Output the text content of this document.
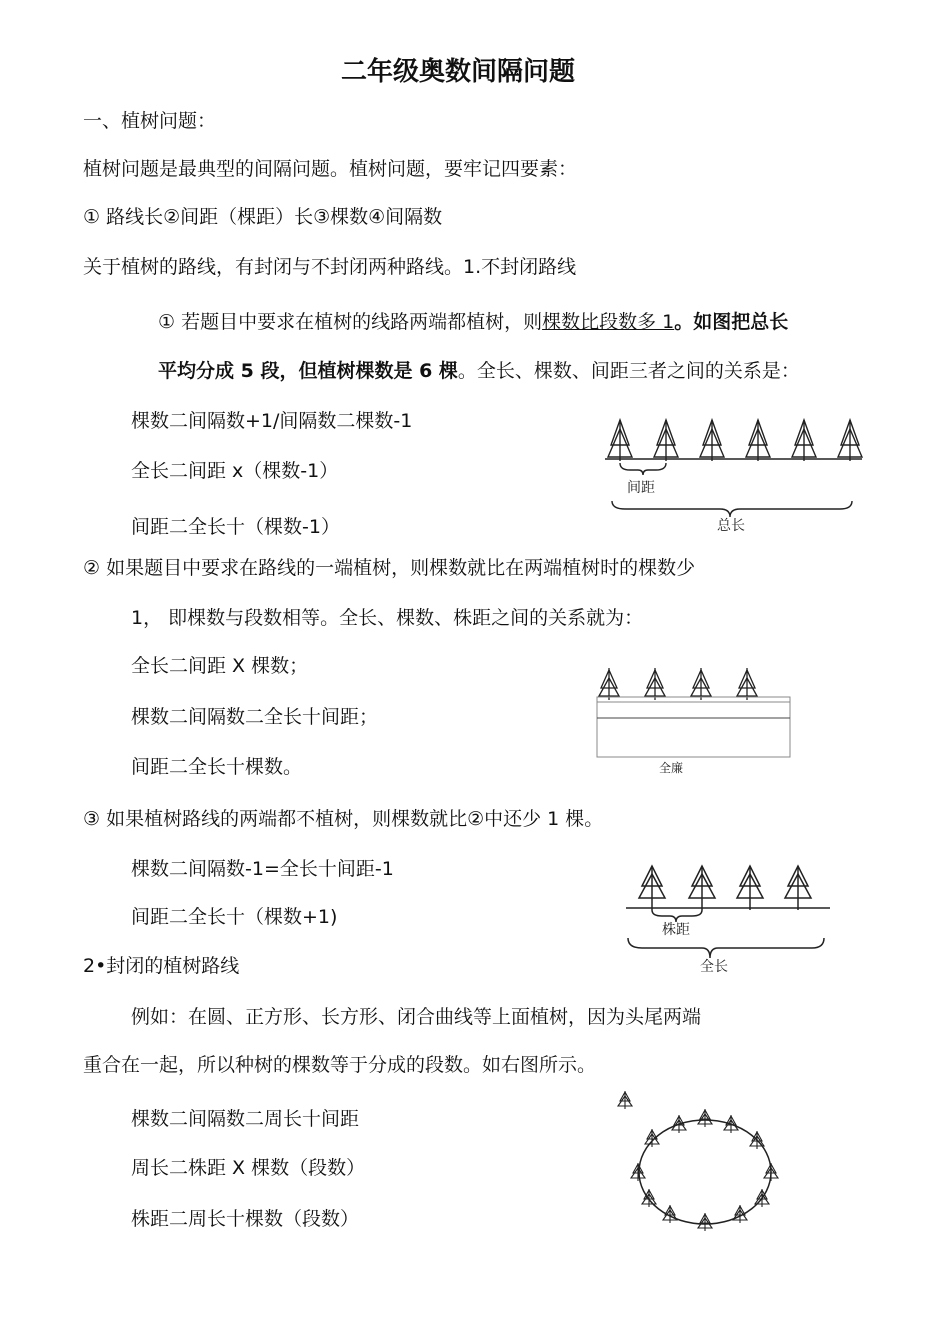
二年级奥数间隔问题
一、植树问题：
植树问题是最典型的间隔问题。植树问题，要牢记四要素：
① 路线长②间距（棵距）长③棵数④间隔数
关于植树的路线，有封闭与不封闭两种路线。1.不封闭路线
① 若题目中要求在植树的线路两端都植树，则棵数比段数多 1。如图把总长
平均分成 5 段，但植树棵数是 6 棵。全长、棵数、间距三者之间的关系是：
棵数二间隔数+1/间隔数二棵数-1
全长二间距 x（棵数-1）
间距二全长十（棵数-1）
间距
总长
② 如果题目中要求在路线的一端植树，则棵数就比在两端植树时的棵数少
1， 即棵数与段数相等。全长、棵数、株距之间的关系就为：
全长二间距 X 棵数；
棵数二间隔数二全长十间距；
间距二全长十棵数。	全廉
③ 如果植树路线的两端都不植树，则棵数就比②中还少 1 棵。
棵数二间隔数-1=全长十间距-1
间距二全长十（棵数+1)
株距
全长
2•封闭的植树路线
例如：在圆、正方形、长方形、闭合曲线等上面植树，因为头尾两端
重合在一起，所以种树的棵数等于分成的段数。如右图所示。
棵数二间隔数二周长十间距
周长二株距 X 棵数（段数）
株距二周长十棵数（段数）
